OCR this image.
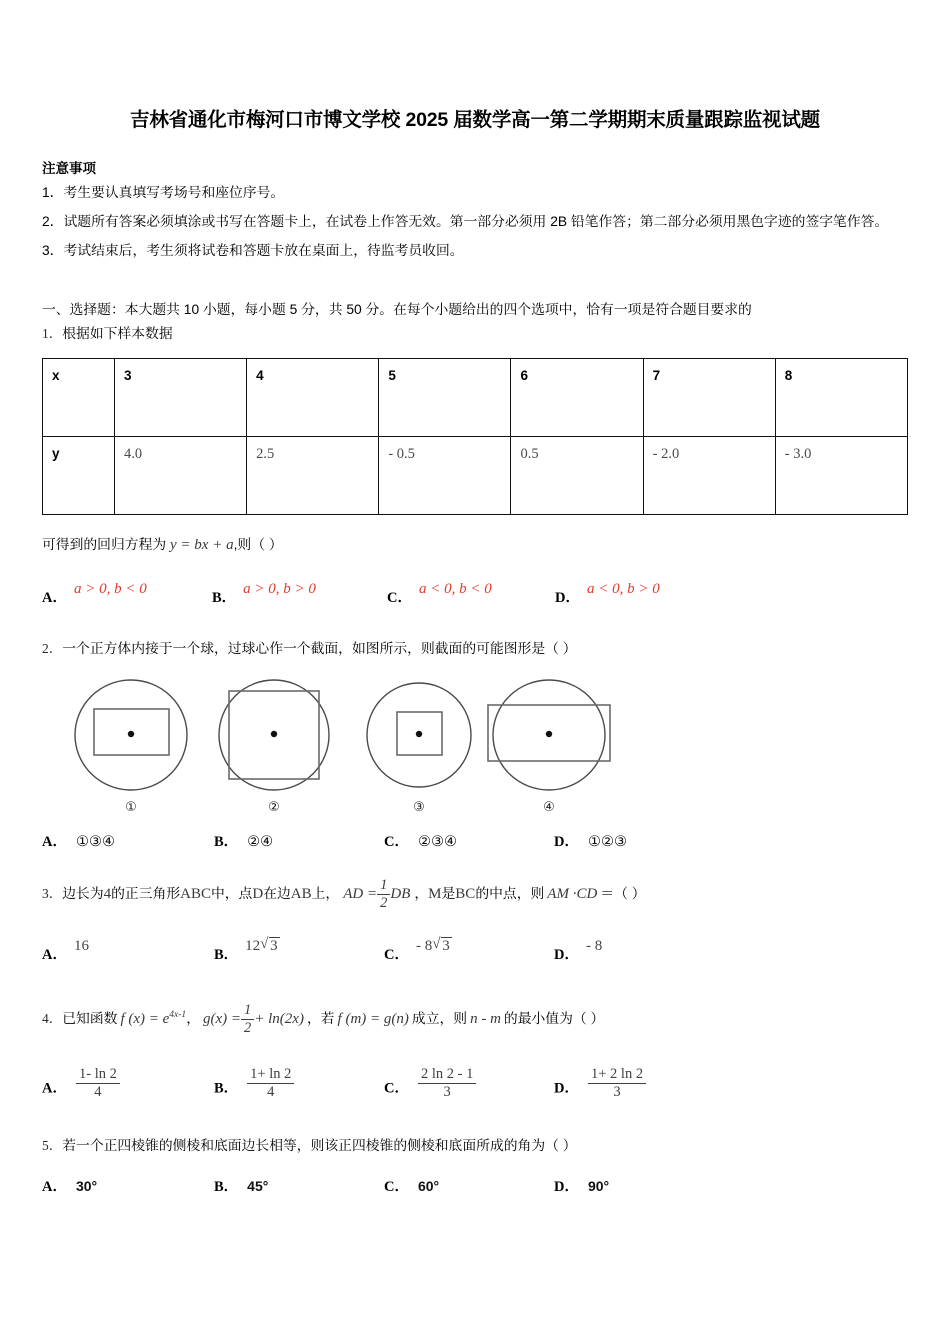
吉林省通化市梅河口市博文学校 2025 届数学高一第二学期期末质量跟踪监视试题
注意事项
1．考生要认真填写考场号和座位序号。
2．试题所有答案必须填涂或书写在答题卡上，在试卷上作答无效。第一部分必须用 2B 铅笔作答；第二部分必须用黑色字迹的签字笔作答。
3．考试结束后，考生须将试卷和答题卡放在桌面上，待监考员收回。
一、选择题：本大题共 10 小题，每小题 5 分，共 50 分。在每个小题给出的四个选项中，恰有一项是符合题目要求的
1．根据如下样本数据
x	3	4	5	6	7	8
y	4.0	2.5	- 0.5	0.5	- 2.0	- 3.0
可得到的回归方程为 y = bx + a,则（ ）
A．a > 0, b < 0
B．a > 0, b > 0
C．a < 0, b < 0
D．a < 0, b > 0
2．一个正方体内接于一个球，过球心作一个截面，如图所示，则截面的可能图形是（ ）
①	②	③	④
A． ①③④	B． ②④	C． ②③④	D． ①②③
3．边长为4的正三角形ABC中，点D在边AB上， AD = $\frac{1}{2}$ DB ，M是BC的中点，则 AM ·CD ＝（ ）
A．16
B．12 √ 3
C．- 8 √ 3
D．- 8
4．已知函数 f $(x) = e^{4x-1}$， $g(x) = \frac{1}{2} + \ln(2x)$ ，若 f (m) = g(n) 成立，则 n - m 的最小值为（ ）
A． $\frac{1- \ln 2}{4}$	B． $\frac{1+ \ln 2}{4}$	C． $\frac{2 \ln 2 - 1}{3}$	D． $\frac{1+ 2 \ln 2}{3}$
5．若一个正四棱锥的侧棱和底面边长相等，则该正四棱锥的侧棱和底面所成的角为（ ）
A． 30°	B． 45°	C． 60°	D． 90°
